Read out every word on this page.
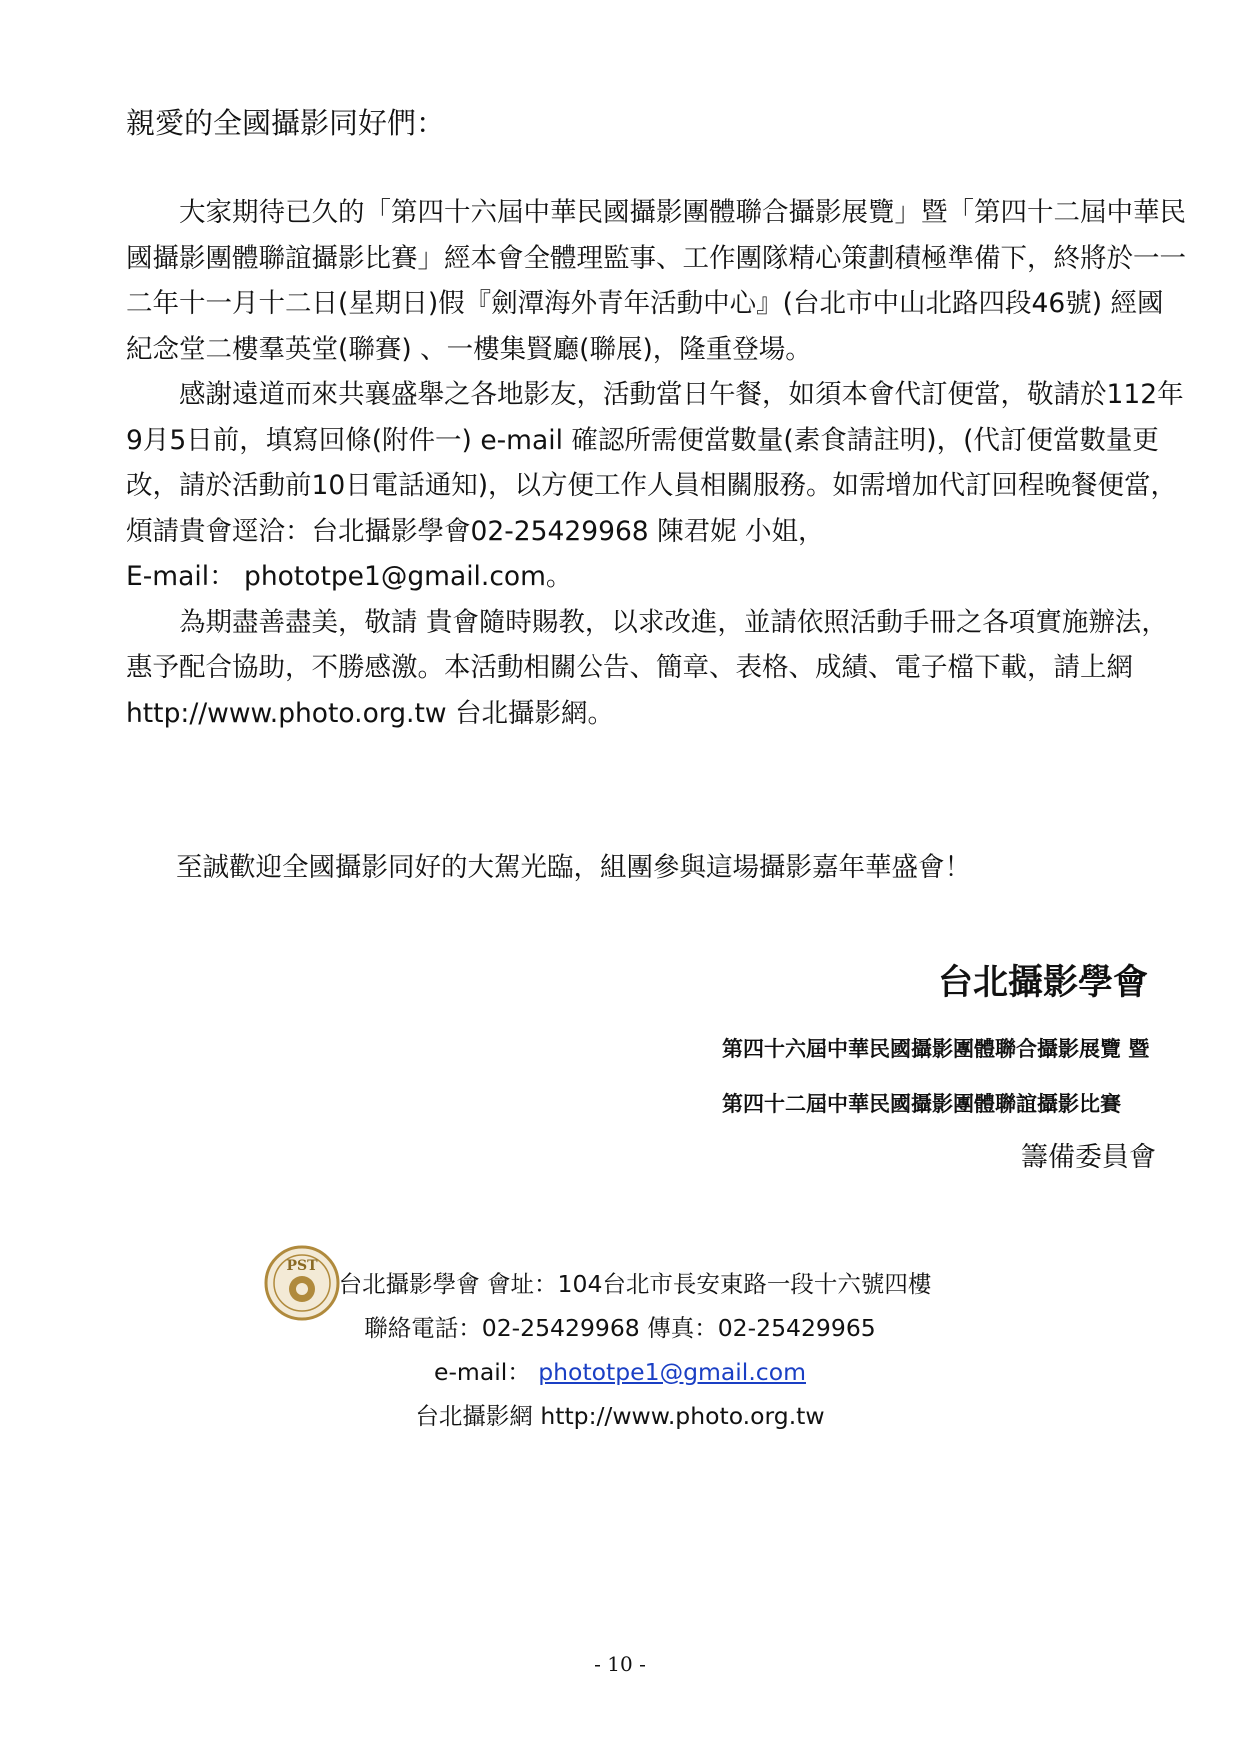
親愛的全國攝影同好們：

大家期待已久的「第四十六屆中華民國攝影團體聯合攝影展覽」暨「第四十二屆中華民國攝影團體聯誼攝影比賽」經本會全體理監事、工作團隊精心策劃積極準備下，終將於一一二年十一月十二日(星期日)假『劍潭海外青年活動中心』(台北市中山北路四段46號) 經國紀念堂二樓羣英堂(聯賽) 、一樓集賢廳(聯展)，隆重登場。

感謝遠道而來共襄盛舉之各地影友，活動當日午餐，如須本會代訂便當，敬請於112年9月5日前，填寫回條(附件一) e-mail 確認所需便當數量(素食請註明)，(代訂便當數量更改，請於活動前10日電話通知)，以方便工作人員相關服務。如需增加代訂回程晚餐便當，煩請貴會逕洽：台北攝影學會02-25429968 陳君妮 小姐，

E-mail： phototpe1@gmail.com。

為期盡善盡美，敬請 貴會隨時賜教，以求改進，並請依照活動手冊之各項實施辦法，惠予配合協助，不勝感激。本活動相關公告、簡章、表格、成績、電子檔下載，請上網http://www.photo.org.tw 台北攝影網。

至誠歡迎全國攝影同好的大駕光臨，組團參與這場攝影嘉年華盛會！

台北攝影學會

第四十六屆中華民國攝影團體聯合攝影展覽 暨

第四十二屆中華民國攝影團體聯誼攝影比賽

籌備委員會

PST
台北攝影學會 會址：104台北市長安東路一段十六號四樓
聯絡電話：02-25429968 傳真：02-25429965
e-mail： phototpe1@gmail.com
台北攝影網 http://www.photo.org.tw
- 10 -
